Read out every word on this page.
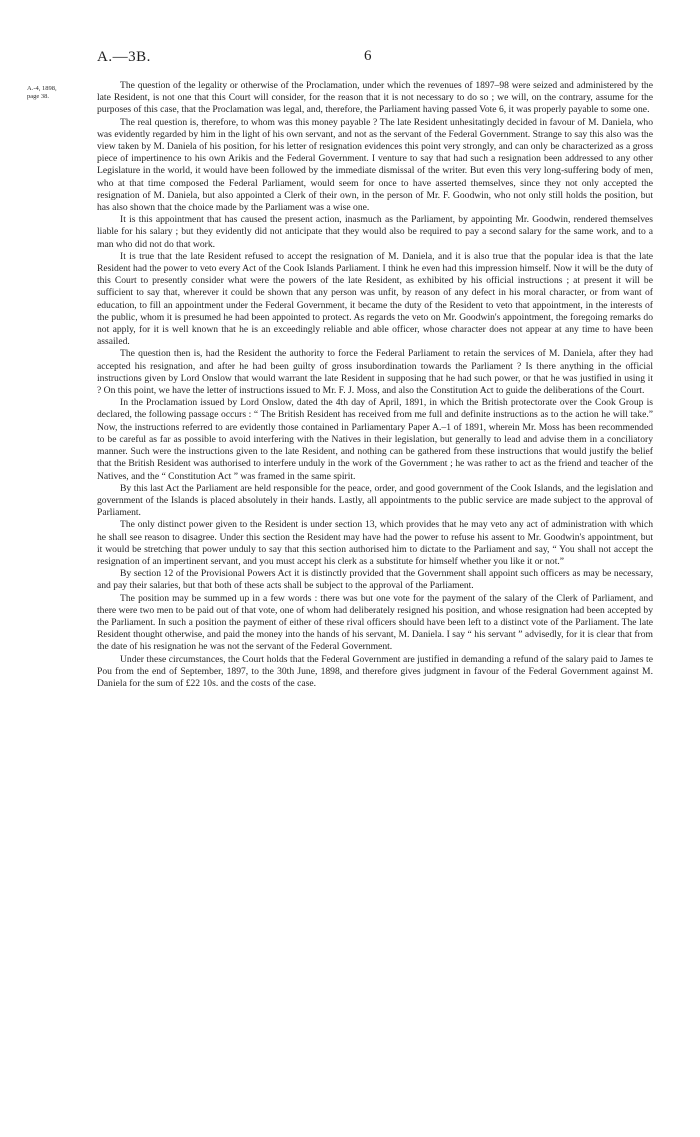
A.—3B.	6
A.-4, 1898,
page 38.

The question of the legality or otherwise of the Proclamation, under which the revenues of 1897–98 were seized and administered by the late Resident, is not one that this Court will consider, for the reason that it is not necessary to do so ; we will, on the contrary, assume for the purposes of this case, that the Proclamation was legal, and, therefore, the Parliament having passed Vote 6, it was properly payable to some one.

The real question is, therefore, to whom was this money payable ? The late Resident unhesitatingly decided in favour of M. Daniela, who was evidently regarded by him in the light of his own servant, and not as the servant of the Federal Government. Strange to say this also was the view taken by M. Daniela of his position, for his letter of resignation evidences this point very strongly, and can only be characterized as a gross piece of impertinence to his own Arikis and the Federal Government. I venture to say that had such a resignation been addressed to any other Legislature in the world, it would have been followed by the immediate dismissal of the writer. But even this very long-suffering body of men, who at that time composed the Federal Parliament, would seem for once to have asserted themselves, since they not only accepted the resignation of M. Daniela, but also appointed a Clerk of their own, in the person of Mr. F. Goodwin, who not only still holds the position, but has also shown that the choice made by the Parliament was a wise one.

It is this appointment that has caused the present action, inasmuch as the Parliament, by appointing Mr. Goodwin, rendered themselves liable for his salary ; but they evidently did not anticipate that they would also be required to pay a second salary for the same work, and to a man who did not do that work.

It is true that the late Resident refused to accept the resignation of M. Daniela, and it is also true that the popular idea is that the late Resident had the power to veto every Act of the Cook Islands Parliament. I think he even had this impression himself. Now it will be the duty of this Court to presently consider what were the powers of the late Resident, as exhibited by his official instructions ; at present it will be sufficient to say that, wherever it could be shown that any person was unfit, by reason of any defect in his moral character, or from want of education, to fill an appointment under the Federal Government, it became the duty of the Resident to veto that appointment, in the interests of the public, whom it is presumed he had been appointed to protect. As regards the veto on Mr. Goodwin's appointment, the foregoing remarks do not apply, for it is well known that he is an exceedingly reliable and able officer, whose character does not appear at any time to have been assailed.

The question then is, had the Resident the authority to force the Federal Parliament to retain the services of M. Daniela, after they had accepted his resignation, and after he had been guilty of gross insubordination towards the Parliament ? Is there anything in the official instructions given by Lord Onslow that would warrant the late Resident in supposing that he had such power, or that he was justified in using it ? On this point, we have the letter of instructions issued to Mr. F. J. Moss, and also the Constitution Act to guide the deliberations of the Court.

In the Proclamation issued by Lord Onslow, dated the 4th day of April, 1891, in which the British protectorate over the Cook Group is declared, the following passage occurs : “ The British Resident has received from me full and definite instructions as to the action he will take.” Now, the instructions referred to are evidently those contained in Parliamentary Paper A.–1 of 1891, wherein Mr. Moss has been recommended to be careful as far as possible to avoid interfering with the Natives in their legislation, but generally to lead and advise them in a conciliatory manner. Such were the instructions given to the late Resident, and nothing can be gathered from these instructions that would justify the belief that the British Resident was authorised to interfere unduly in the work of the Government ; he was rather to act as the friend and teacher of the Natives, and the “ Constitution Act ” was framed in the same spirit.

By this last Act the Parliament are held responsible for the peace, order, and good government of the Cook Islands, and the legislation and government of the Islands is placed absolutely in their hands. Lastly, all appointments to the public service are made subject to the approval of Parliament.

The only distinct power given to the Resident is under section 13, which provides that he may veto any act of administration with which he shall see reason to disagree. Under this section the Resident may have had the power to refuse his assent to Mr. Goodwin's appointment, but it would be stretching that power unduly to say that this section authorised him to dictate to the Parliament and say, “ You shall not accept the resignation of an impertinent servant, and you must accept his clerk as a substitute for himself whether you like it or not.”

By section 12 of the Provisional Powers Act it is distinctly provided that the Government shall appoint such officers as may be necessary, and pay their salaries, but that both of these acts shall be subject to the approval of the Parliament.

The position may be summed up in a few words : there was but one vote for the payment of the salary of the Clerk of Parliament, and there were two men to be paid out of that vote, one of whom had deliberately resigned his position, and whose resignation had been accepted by the Parliament. In such a position the payment of either of these rival officers should have been left to a distinct vote of the Parliament. The late Resident thought otherwise, and paid the money into the hands of his servant, M. Daniela. I say “ his servant ” advisedly, for it is clear that from the date of his resignation he was not the servant of the Federal Government.

Under these circumstances, the Court holds that the Federal Government are justified in demanding a refund of the salary paid to James te Pou from the end of September, 1897, to the 30th June, 1898, and therefore gives judgment in favour of the Federal Government against M. Daniela for the sum of £22 10s. and the costs of the case.
